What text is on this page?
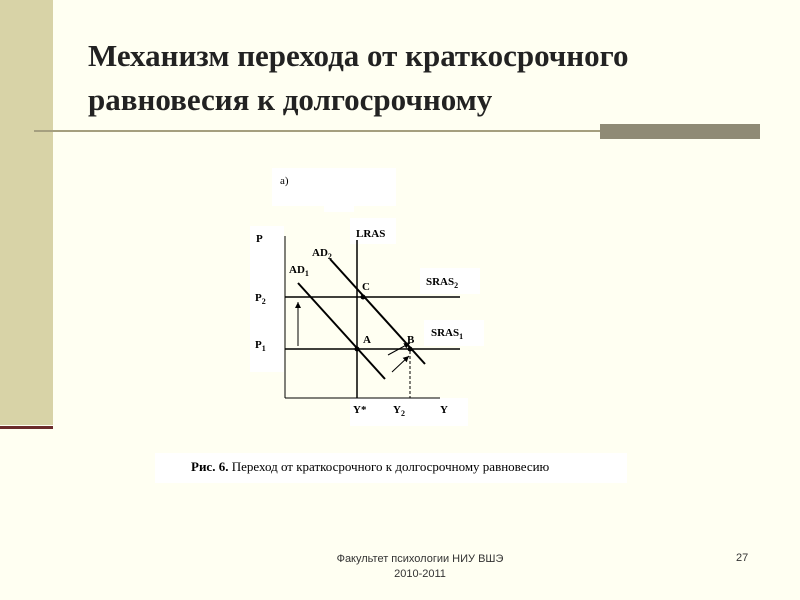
Механизм перехода от краткосрочного
равновесия к долгосрочному
а)
P
$P_2$
$P_1$
LRAS
$AD_1$
$AD_2$
$SRAS_2$
$SRAS_1$
A	B
C
Y* $Y_2$	Y
Рис. 6. Переход от краткосрочного к долгосрочному равновесию
Факультет психологии НИУ ВШЭ
2010-2011
27
